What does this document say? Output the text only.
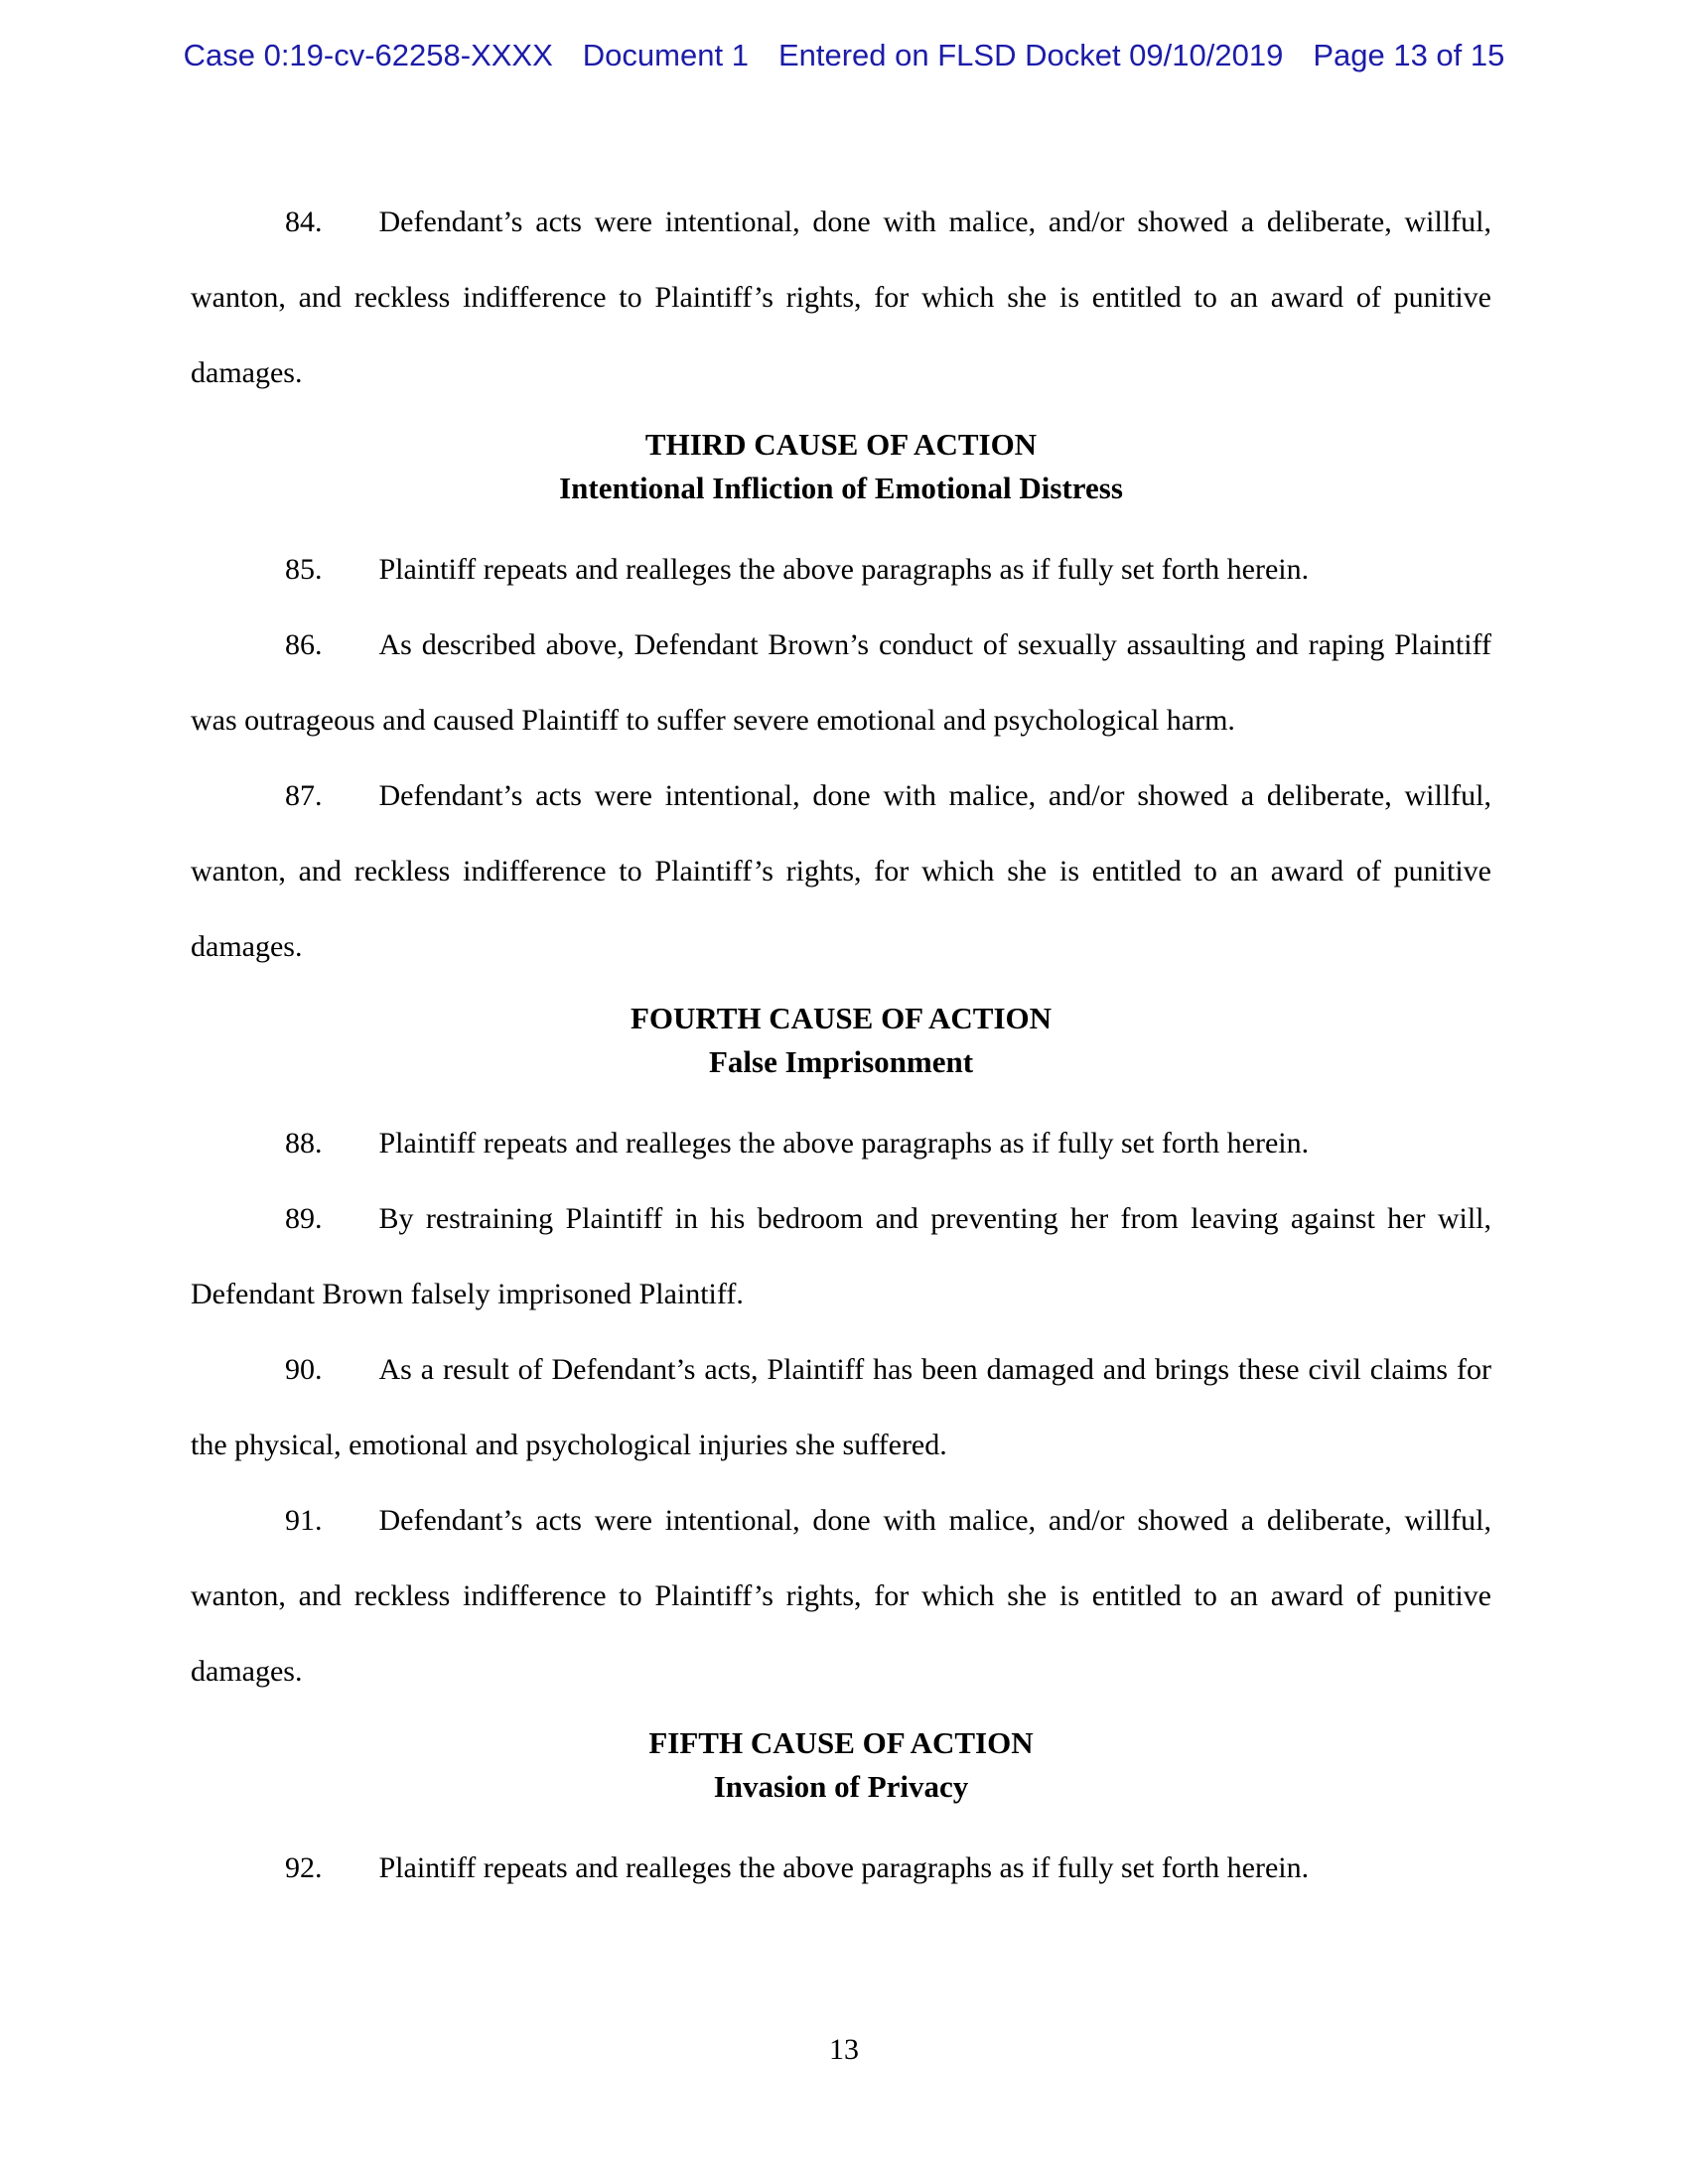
Case 0:19-cv-62258-XXXX Document 1 Entered on FLSD Docket 09/10/2019 Page 13 of 15

84. Defendant’s acts were intentional, done with malice, and/or showed a deliberate, willful, wanton, and reckless indifference to Plaintiff’s rights, for which she is entitled to an award of punitive damages.

THIRD CAUSE OF ACTION
Intentional Infliction of Emotional Distress

85. Plaintiff repeats and realleges the above paragraphs as if fully set forth herein.

86. As described above, Defendant Brown’s conduct of sexually assaulting and raping Plaintiff was outrageous and caused Plaintiff to suffer severe emotional and psychological harm.

87. Defendant’s acts were intentional, done with malice, and/or showed a deliberate, willful, wanton, and reckless indifference to Plaintiff’s rights, for which she is entitled to an award of punitive damages.

FOURTH CAUSE OF ACTION
False Imprisonment

88. Plaintiff repeats and realleges the above paragraphs as if fully set forth herein.

89. By restraining Plaintiff in his bedroom and preventing her from leaving against her will, Defendant Brown falsely imprisoned Plaintiff.

90. As a result of Defendant’s acts, Plaintiff has been damaged and brings these civil claims for the physical, emotional and psychological injuries she suffered.

91. Defendant’s acts were intentional, done with malice, and/or showed a deliberate, willful, wanton, and reckless indifference to Plaintiff’s rights, for which she is entitled to an award of punitive damages.

FIFTH CAUSE OF ACTION
Invasion of Privacy

92. Plaintiff repeats and realleges the above paragraphs as if fully set forth herein.

13
